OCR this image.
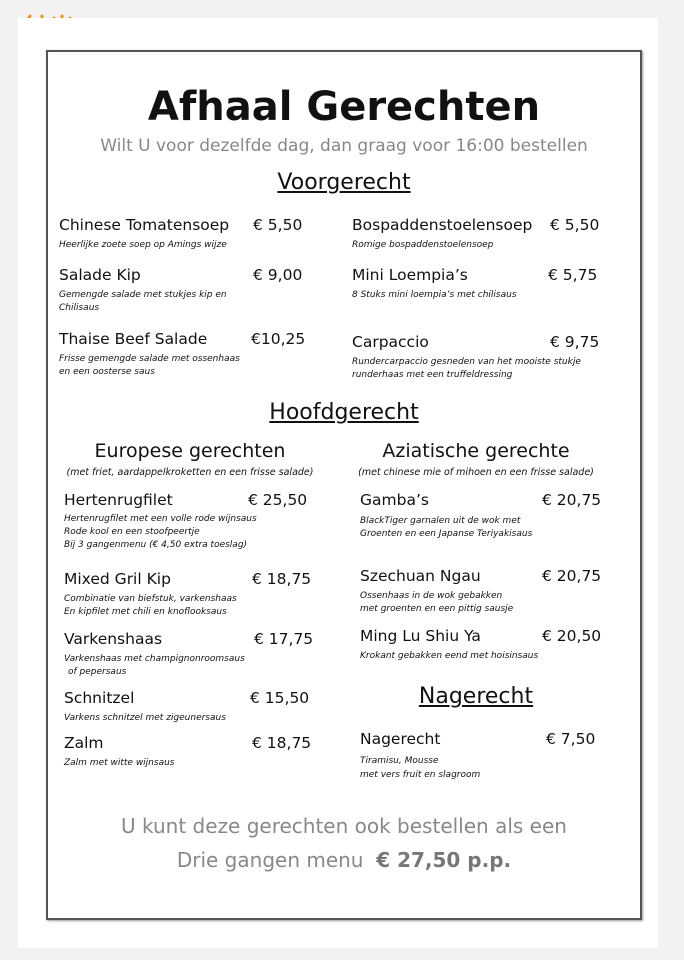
Afhaal Gerechten
Wilt U voor dezelfde dag, dan graag voor 16:00 bestellen
Voorgerecht
Chinese Tomatensoep € 5,50
Heerlijke zoete soep op Amings wijze
Salade Kip	€ 9,00
Gemengde salade met stukjes kip en Chilisaus
Thaise Beef Salade	€10,25
Frisse gemengde salade met ossenhaas en een oosterse saus
Bospaddenstoelensoep € 5,50
Romige bospaddenstoelensoep
Mini Loempia’s	€ 5,75
8 Stuks mini loempia’s met chilisaus
Carpaccio	€ 9,75
Rundercarpaccio gesneden van het mooiste stukje runderhaas met een truffeldressing
Hoofdgerecht
Europese gerechten
(met friet, aardappelkroketten en een frisse salade)
Aziatische gerechte
(met chinese mie of mihoen en een frisse salade)
Hertenrugfilet	€ 25,50
Hertenrugfilet met een volle rode wijnsaus
Rode kool en een stoofpeertje
Bij 3 gangenmenu (€ 4,50 extra toeslag)
Mixed Gril Kip	€ 18,75
Combinatie van biefstuk, varkenshaas
En kipfilet met chili en knoflooksaus
Varkenshaas	€ 17,75
Varkenshaas met champignonroomsaus
of pepersaus
Schnitzel	€ 15,50
Varkens schnitzel met zigeunersaus
Zalm	€ 18,75
Zalm met witte wijnsaus
Gamba’s	€ 20,75
BlackTiger garnalen uit de wok met
Groenten en een Japanse Teriyakisaus
Szechuan Ngau	€ 20,75
Ossenhaas in de wok gebakken
met groenten en een pittig sausje
Ming Lu Shiu Ya	€ 20,50
Krokant gebakken eend met hoisinsaus
Nagerecht
Nagerecht	€ 7,50
Tiramisu, Mousse
met vers fruit en slagroom
U kunt deze gerechten ook bestellen als een
Drie gangen menu € 27,50 p.p.
